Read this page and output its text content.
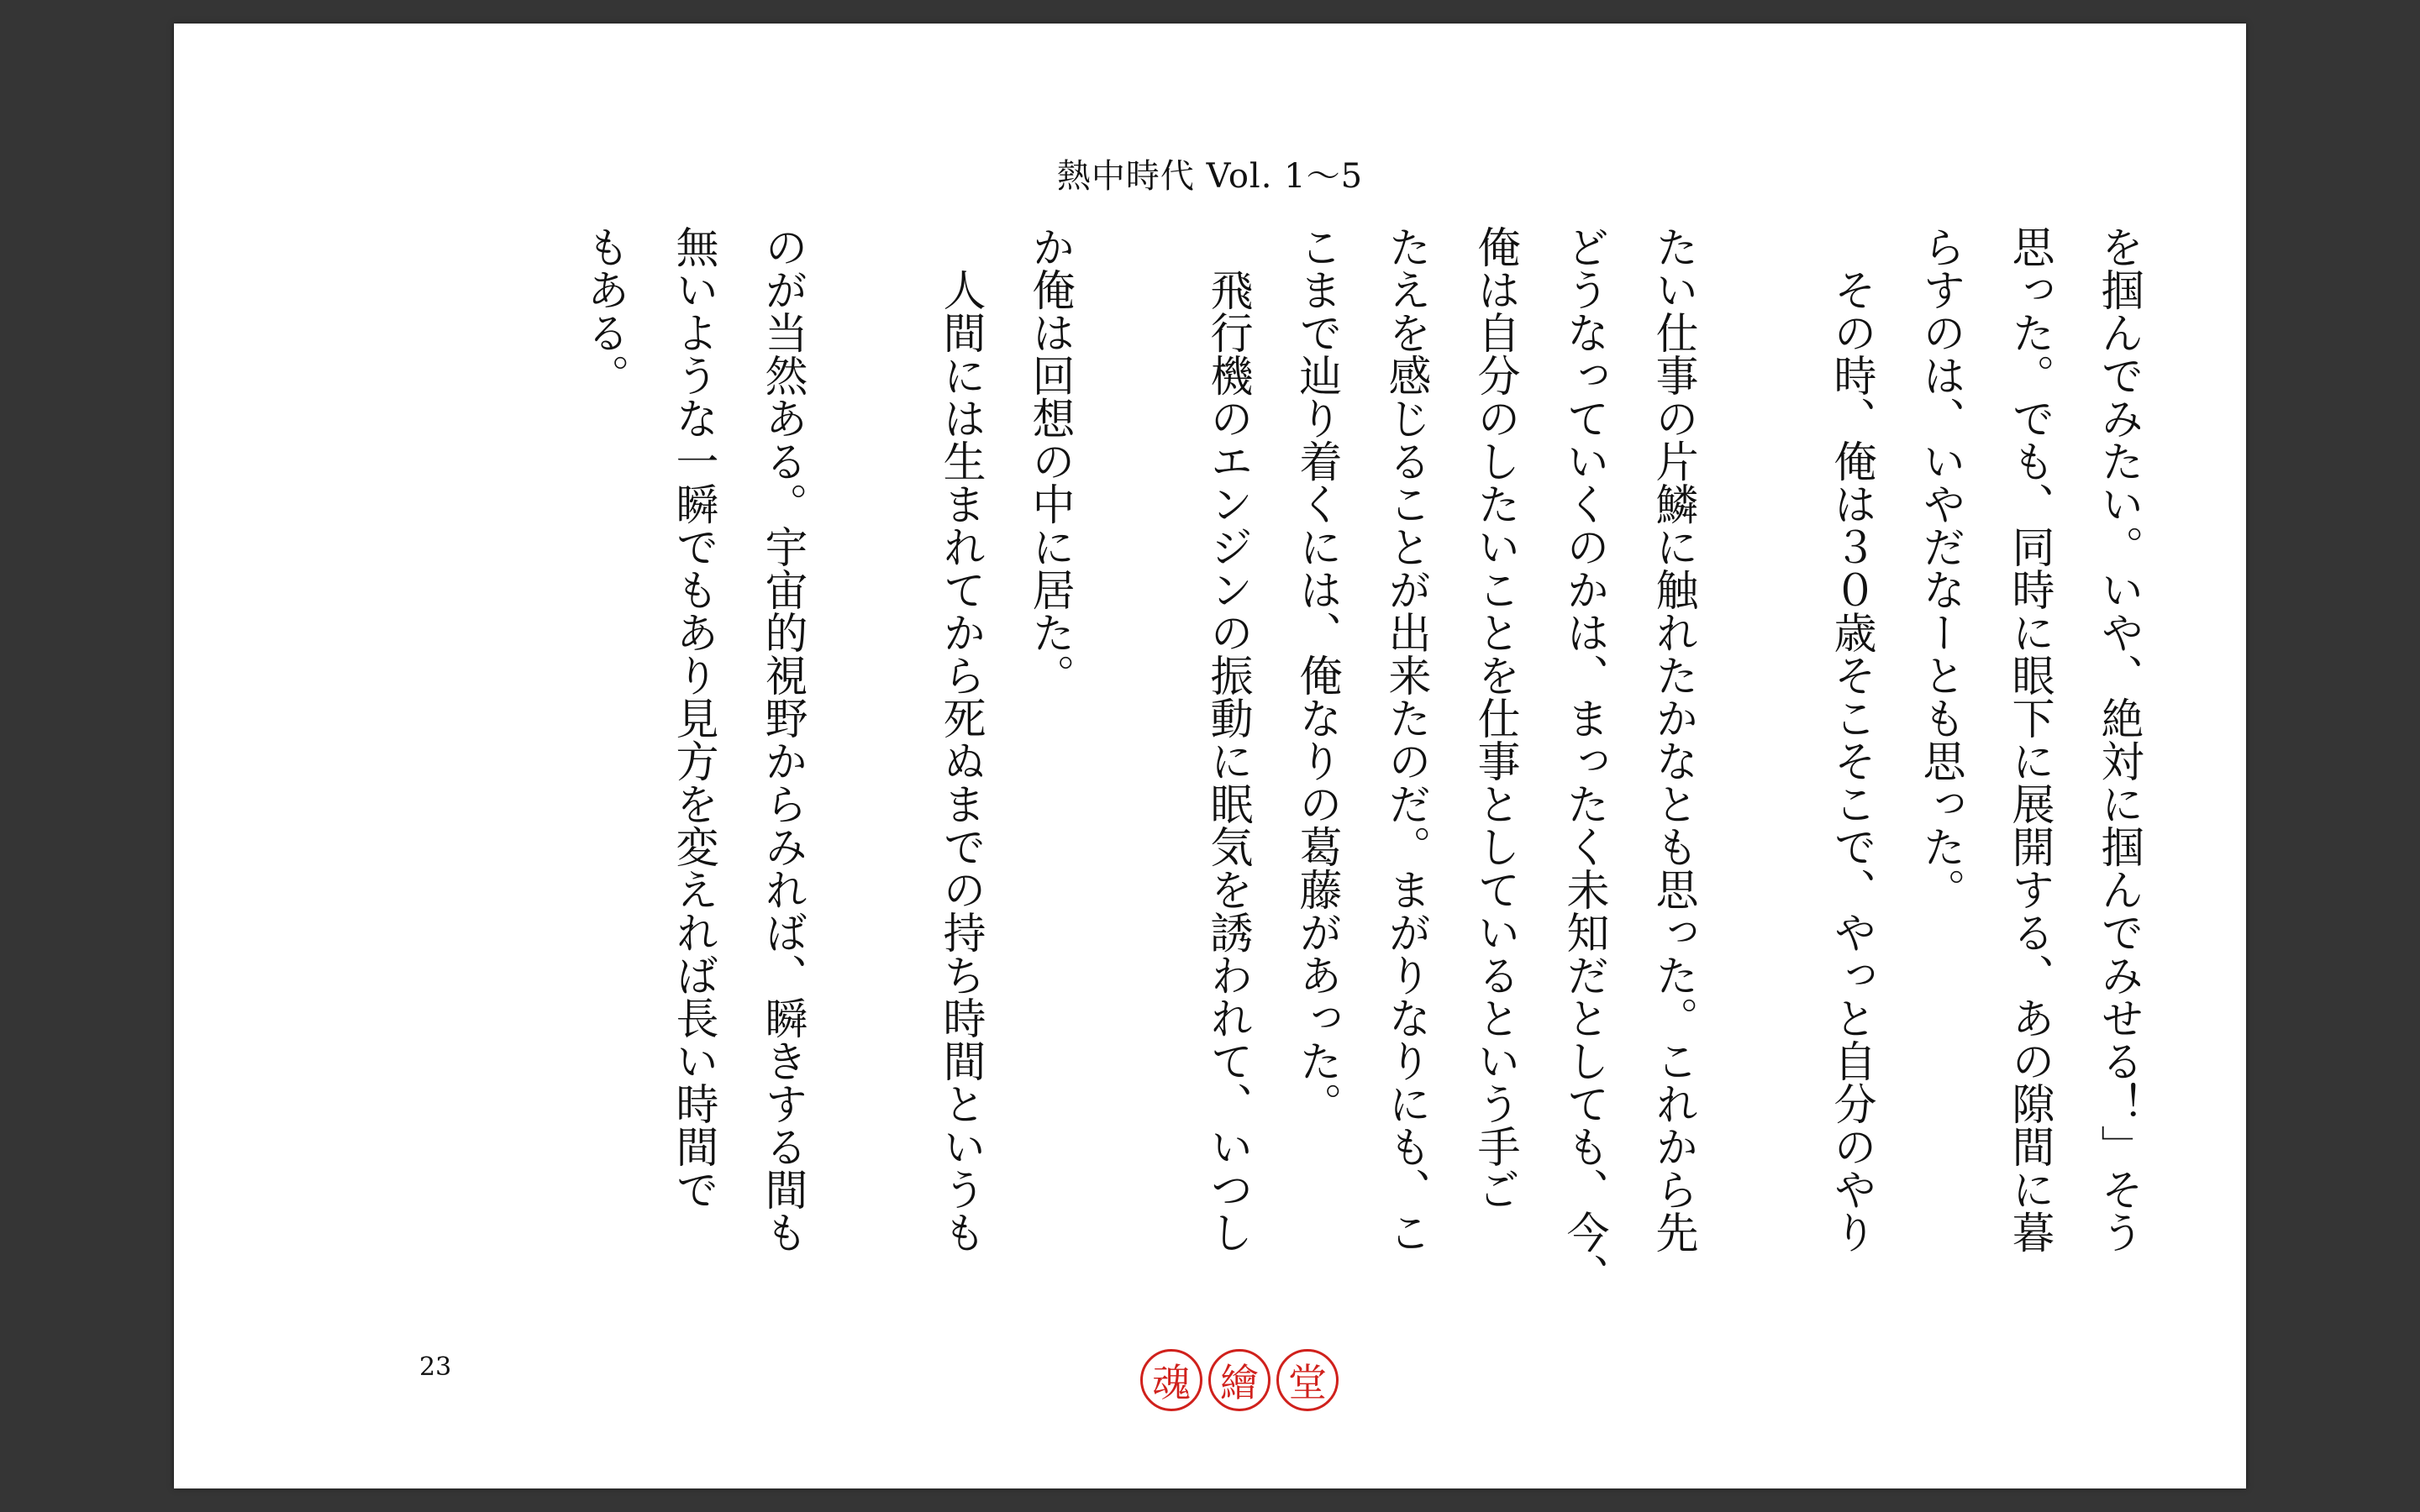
熱中時代 Vol. 1〜5

を掴んでみたい。いや、絶対に掴んでみせる！」そう

思った。でも、同時に眼下に展開する、あの隙間に暮

らすのは、いやだなーとも思った。

　その時、俺は３０歳そこそこで、やっと自分のやり

たい仕事の片鱗に触れたかなとも思った。これから先

どうなっていくのかは、まったく未知だとしても、今、

俺は自分のしたいことを仕事としているという手ご

たえを感じることが出来たのだ。まがりなりにも、こ

こまで辿り着くには、俺なりの葛藤があった。

　飛行機のエンジンの振動に眠気を誘われて、いつし

か俺は回想の中に居た。

　人間には生まれてから死ぬまでの持ち時間というも

のが当然ある。宇宙的視野からみれば、瞬きする間も

無いような一瞬でもあり見方を変えれば長い時間で

もある。

23	魂 繪 堂
